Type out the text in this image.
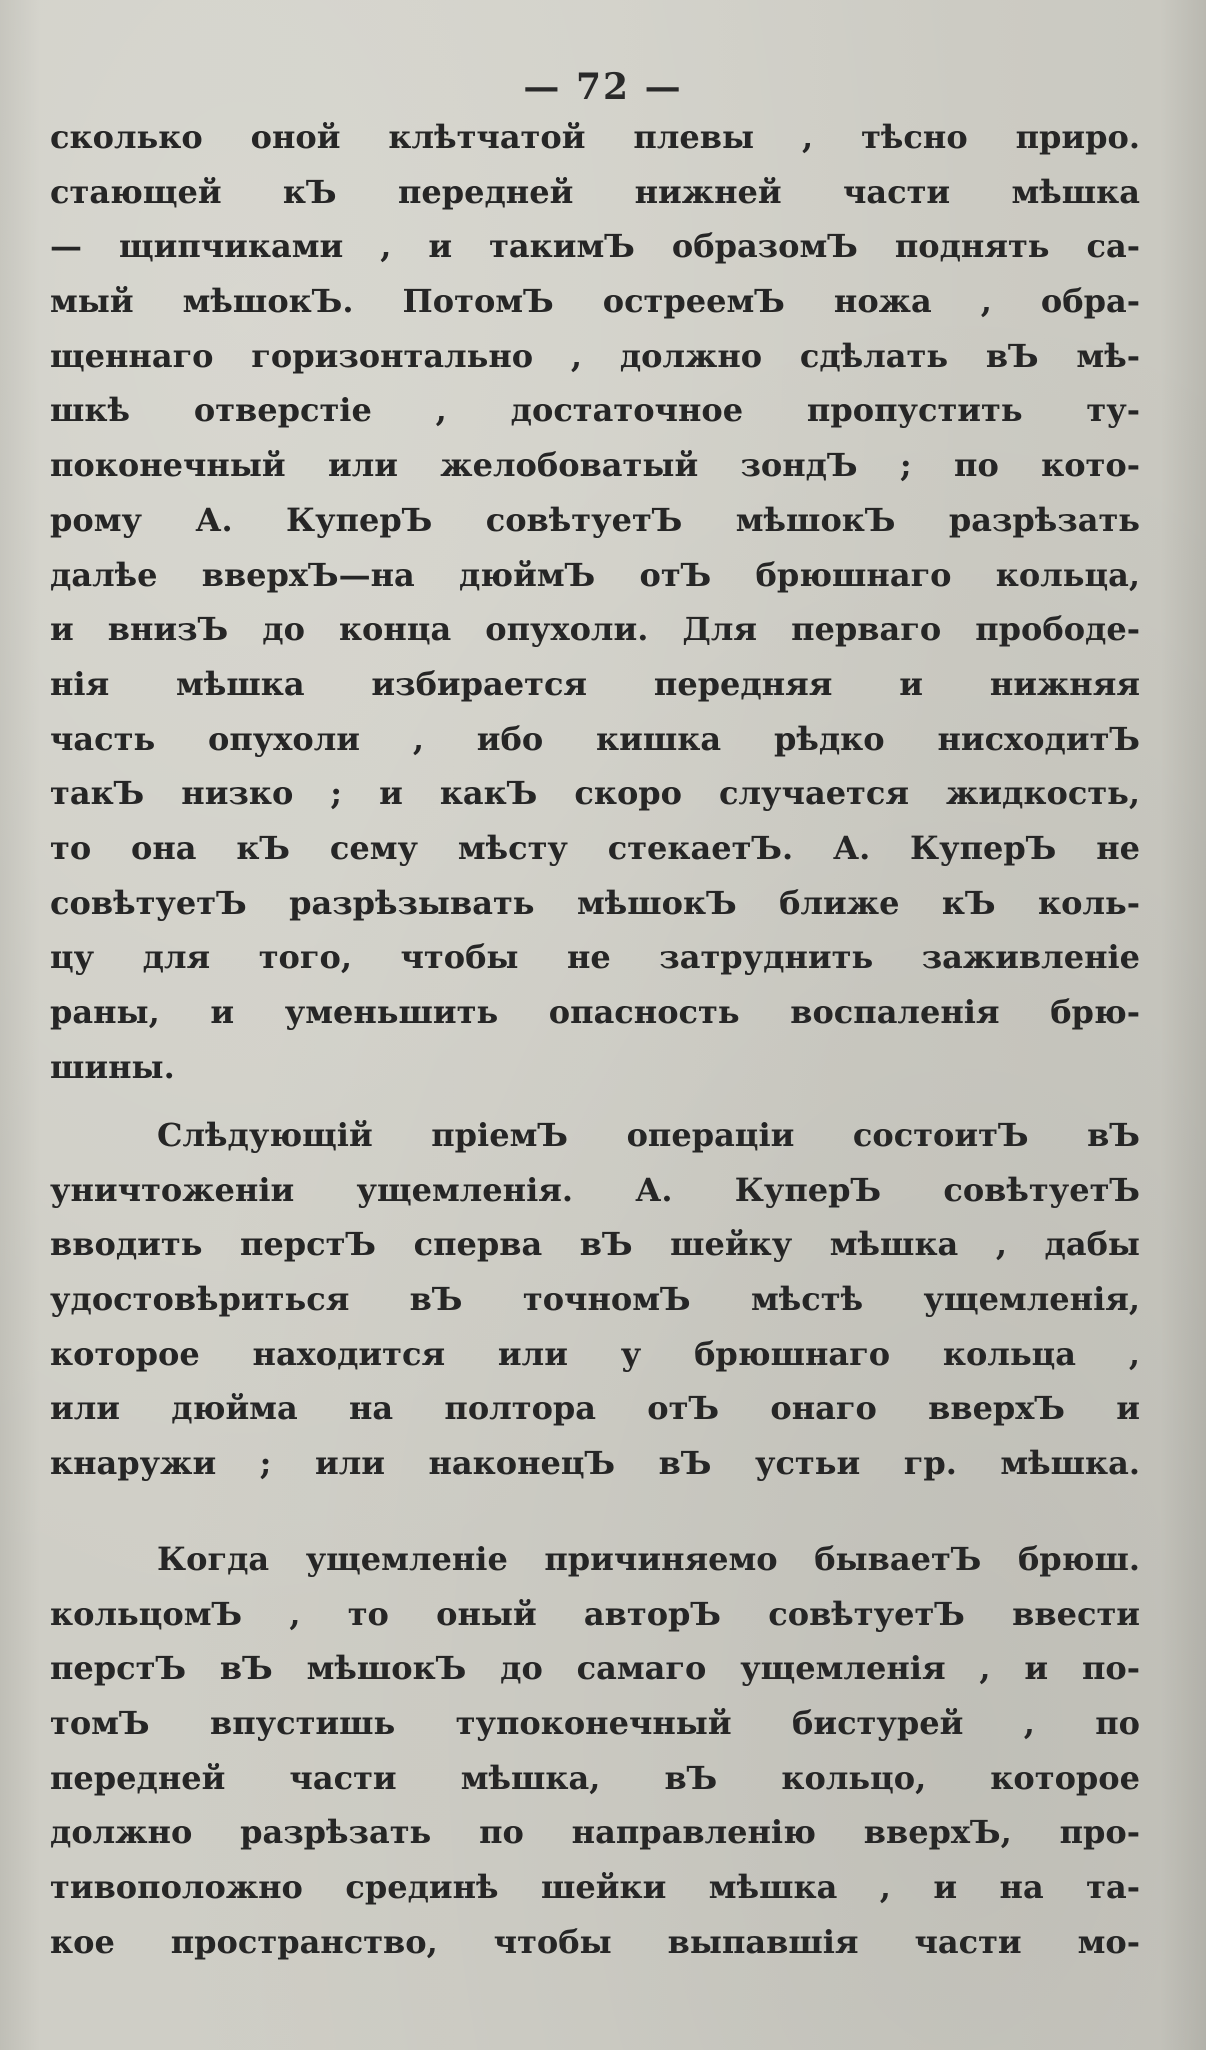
— 72 —
сколько оной клѣтчатой плевы , тѣсно приро.
стающей кЪ передней нижней части мѣшка
— щипчиками , и такимЪ образомЪ поднять са-
мый мѣшокЪ. ПотомЪ остреемЪ ножа , обра-
щеннаго горизонтально , должно сдѣлать вЪ мѣ-
шкѣ отверстіе , достаточное пропустить ту-
поконечный или желобоватый зондЪ ; по кото-
рому А. КуперЪ совѣтуетЪ мѣшокЪ разрѣзать
далѣе вверхЪ—на дюймЪ отЪ брюшнаго кольца,
и внизЪ до конца опухоли. Для перваго прободе-
нія мѣшка избирается передняя и нижняя
часть опухоли , ибо кишка рѣдко нисходитЪ
такЪ низко ; и какЪ скоро случается жидкость,
то она кЪ сему мѣсту стекаетЪ. А. КуперЪ не
совѣтуетЪ разрѣзывать мѣшокЪ ближе кЪ коль-
цу для того, чтобы не затруднить заживленіе
раны, и уменьшить опасность воспаленія брю-
шины.
Слѣдующій пріемЪ операціи состоитЪ вЪ
уничтоженіи ущемленія. А. КуперЪ совѣтуетЪ
вводить перстЪ сперва вЪ шейку мѣшка , дабы
удостовѣриться вЪ точномЪ мѣстѣ ущемленія,
которое находится или у брюшнаго кольца ,
или дюйма на полтора отЪ онаго вверхЪ и
кнаружи ; или наконецЪ вЪ устьи гр. мѣшка.
Когда ущемленіе причиняемо бываетЪ брюш.
кольцомЪ , то оный авторЪ совѣтуетЪ ввести
перстЪ вЪ мѣшокЪ до самаго ущемленія , и по-
томЪ впустишь тупоконечный бистурей , по
передней части мѣшка, вЪ кольцо, которое
должно разрѣзать по направленію вверхЪ, про-
тивоположно срединѣ шейки мѣшка , и на та-
кое пространство, чтобы выпавшія части мо-
